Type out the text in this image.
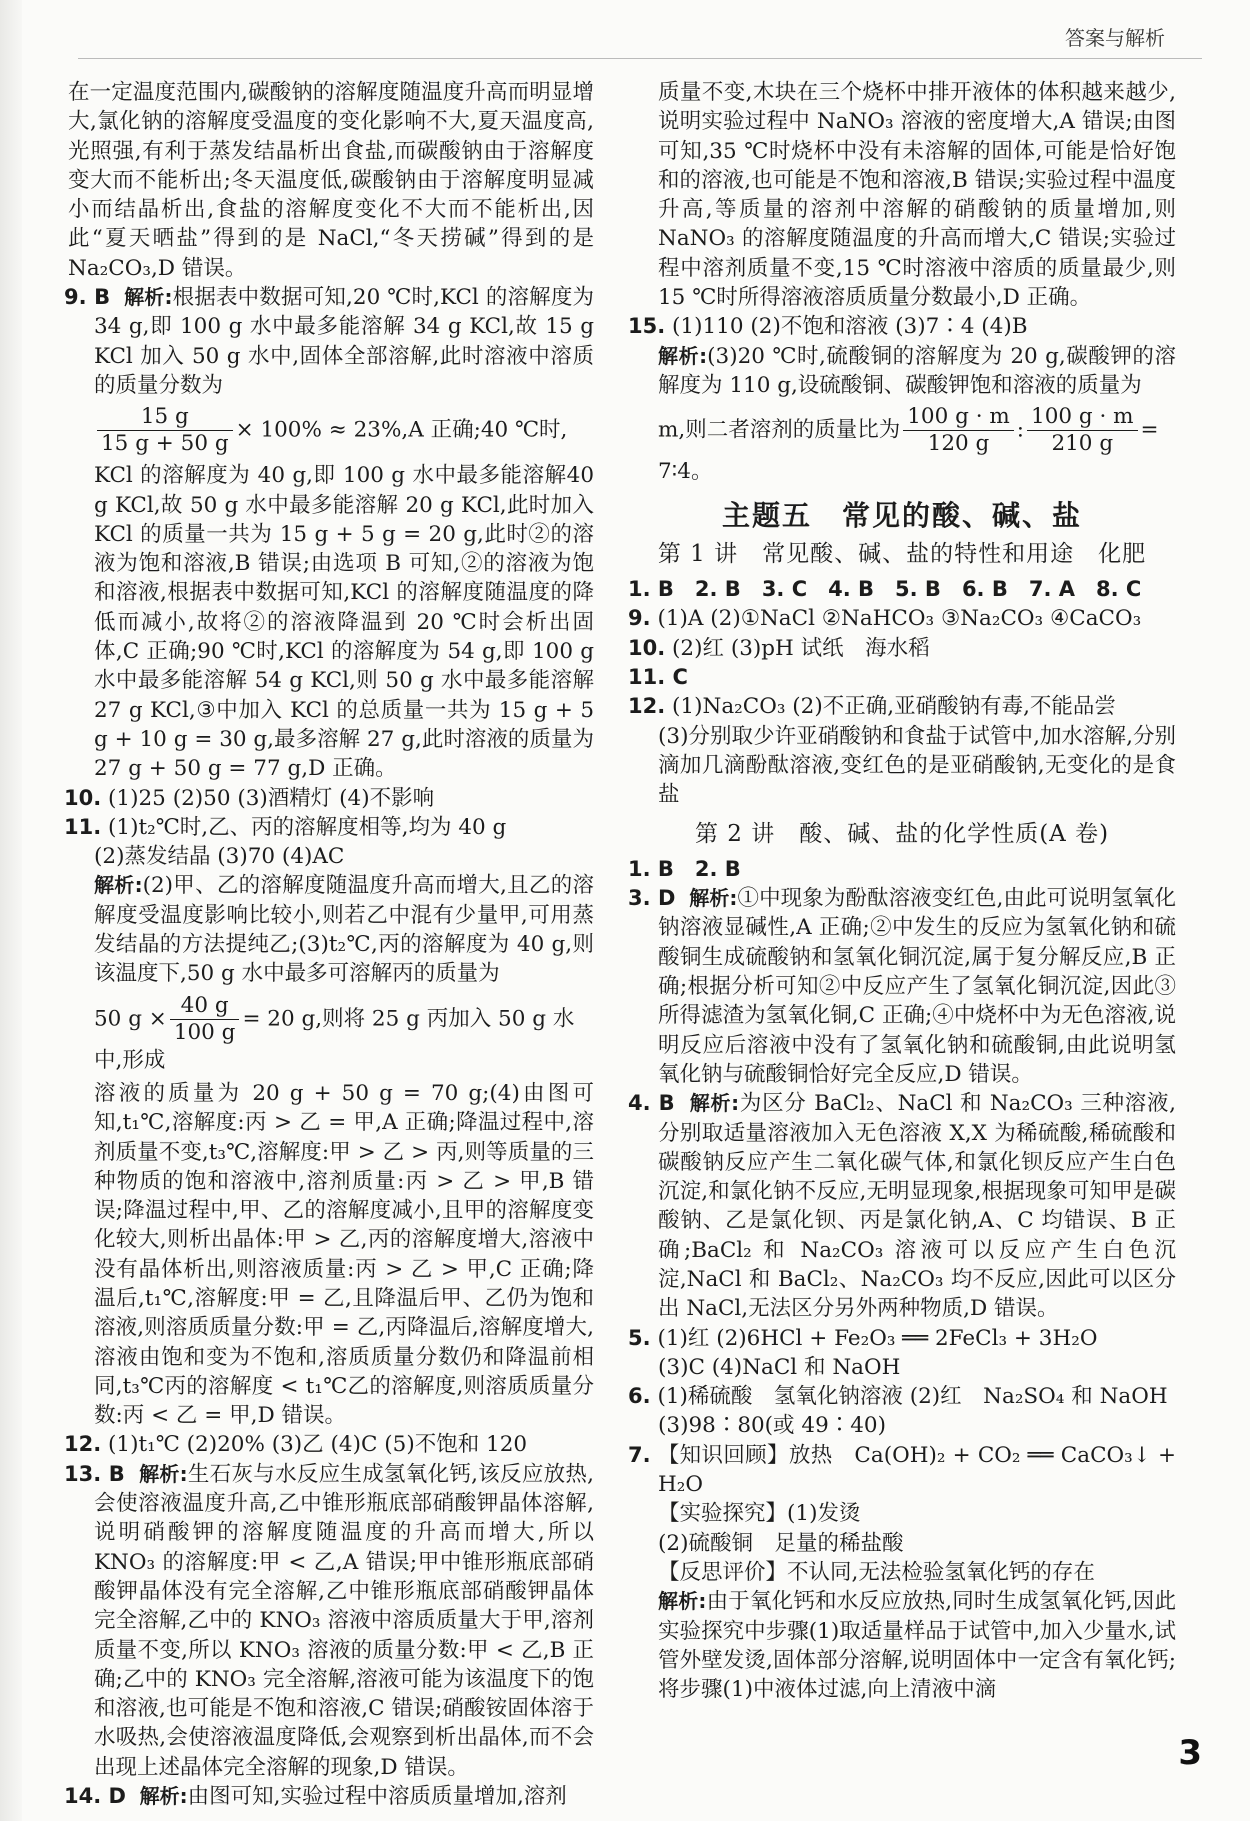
答案与解析

在一定温度范围内,碳酸钠的溶解度随温度升高而明显增大,氯化钠的溶解度受温度的变化影响不大,夏天温度高,光照强,有利于蒸发结晶析出食盐,而碳酸钠由于溶解度变大而不能析出;冬天温度低,碳酸钠由于溶解度明显减小而结晶析出,食盐的溶解度变化不大而不能析出,因此“夏天晒盐”得到的是 NaCl,“冬天捞碱”得到的是 Na₂CO₃,D 错误。

9. B 解析:根据表中数据可知,20 ℃时,KCl 的溶解度为 34 g,即 100 g 水中最多能溶解 34 g KCl,故 15 g KCl 加入 50 g 水中,固体全部溶解,此时溶液中溶质的质量分数为

$\frac{15 g}{15 g + 50 g} \times 100\% \approx 23\%,A$ 正确;40 ℃时,

KCl 的溶解度为 40 g,即 100 g 水中最多能溶解40 g KCl,故 50 g 水中最多能溶解 20 g KCl,此时加入 KCl 的质量一共为 15 g + 5 g = 20 g,此时②的溶液为饱和溶液,B 错误;由选项 B 可知,②的溶液为饱和溶液,根据表中数据可知,KCl 的溶解度随温度的降低而减小,故将②的溶液降温到 20 ℃时会析出固体,C 正确;90 ℃时,KCl 的溶解度为 54 g,即 100 g 水中最多能溶解 54 g KCl,则 50 g 水中最多能溶解 27 g KCl,③中加入 KCl 的总质量一共为 15 g + 5 g + 10 g = 30 g,最多溶解 27 g,此时溶液的质量为 27 g + 50 g = 77 g,D 正确。

10. (1)25 (2)50 (3)酒精灯 (4)不影响

11. (1)t₂℃时,乙、丙的溶解度相等,均为 40 g

(2)蒸发结晶 (3)70 (4)AC

解析:(2)甲、乙的溶解度随温度升高而增大,且乙的溶解度受温度影响比较小,则若乙中混有少量甲,可用蒸发结晶的方法提纯乙;(3)t₂℃,丙的溶解度为 40 g,则该温度下,50 g 水中最多可溶解丙的质量为

50 $g \times \frac{40 g}{100 g} = 20$ g,则将 25 g 丙加入 50 g 水中,形成

溶液的质量为 20 g + 50 g = 70 g;(4)由图可知,t₁℃,溶解度:丙 > 乙 = 甲,A 正确;降温过程中,溶剂质量不变,t₃℃,溶解度:甲 > 乙 > 丙,则等质量的三种物质的饱和溶液中,溶剂质量:丙 > 乙 > 甲,B 错误;降温过程中,甲、乙的溶解度减小,且甲的溶解度变化较大,则析出晶体:甲 > 乙,丙的溶解度增大,溶液中没有晶体析出,则溶液质量:丙 > 乙 > 甲,C 正确;降温后,t₁℃,溶解度:甲 = 乙,且降温后甲、乙仍为饱和溶液,则溶质质量分数:甲 = 乙,丙降温后,溶解度增大,溶液由饱和变为不饱和,溶质质量分数仍和降温前相同,t₃℃丙的溶解度 < t₁℃乙的溶解度,则溶质质量分数:丙 < 乙 = 甲,D 错误。

12. (1)t₁℃ (2)20% (3)乙 (4)C (5)不饱和 120

13. B 解析:生石灰与水反应生成氢氧化钙,该反应放热,会使溶液温度升高,乙中锥形瓶底部硝酸钾晶体溶解,说明硝酸钾的溶解度随温度的升高而增大,所以 KNO₃ 的溶解度:甲 < 乙,A 错误;甲中锥形瓶底部硝酸钾晶体没有完全溶解,乙中锥形瓶底部硝酸钾晶体完全溶解,乙中的 KNO₃ 溶液中溶质质量大于甲,溶剂质量不变,所以 KNO₃ 溶液的质量分数:甲 < 乙,B 正确;乙中的 KNO₃ 完全溶解,溶液可能为该温度下的饱和溶液,也可能是不饱和溶液,C 错误;硝酸铵固体溶于水吸热,会使溶液温度降低,会观察到析出晶体,而不会出现上述晶体完全溶解的现象,D 错误。

14. D 解析:由图可知,实验过程中溶质质量增加,溶剂

质量不变,木块在三个烧杯中排开液体的体积越来越少,说明实验过程中 NaNO₃ 溶液的密度增大,A 错误;由图可知,35 ℃时烧杯中没有未溶解的固体,可能是恰好饱和的溶液,也可能是不饱和溶液,B 错误;实验过程中温度升高,等质量的溶剂中溶解的硝酸钠的质量增加,则 NaNO₃ 的溶解度随温度的升高而增大,C 错误;实验过程中溶剂质量不变,15 ℃时溶液中溶质的质量最少,则 15 ℃时所得溶液溶质质量分数最小,D 正确。

15. (1)110 (2)不饱和溶液 (3)7∶4 (4)B

解析:(3)20 ℃时,硫酸铜的溶解度为 20 g,碳酸钾的溶解度为 110 g,设硫酸铜、碳酸钾饱和溶液的质量为

m,则二者溶剂的质量比为 $\frac{100 g \cdot m}{120 g}$ : $\frac{100 g \cdot m}{210 g}$ = 7∶4。
主题五　常见的酸、碱、盐
第 1 讲　常见酸、碱、盐的特性和用途　化肥

1. B　2. B　3. C　4. B　5. B　6. B　7. A　8. C

9. (1)A (2)①NaCl ②NaHCO₃ ③Na₂CO₃ ④CaCO₃

10. (2)红 (3)pH 试纸　海水稻

11. C

12. (1)Na₂CO₃ (2)不正确,亚硝酸钠有毒,不能品尝

(3)分别取少许亚硝酸钠和食盐于试管中,加水溶解,分别滴加几滴酚酞溶液,变红色的是亚硝酸钠,无变化的是食盐

第 2 讲　酸、碱、盐的化学性质(A 卷)

1. B　2. B

3. D 解析:①中现象为酚酞溶液变红色,由此可说明氢氧化钠溶液显碱性,A 正确;②中发生的反应为氢氧化钠和硫酸铜生成硫酸钠和氢氧化铜沉淀,属于复分解反应,B 正确;根据分析可知②中反应产生了氢氧化铜沉淀,因此③所得滤渣为氢氧化铜,C 正确;④中烧杯中为无色溶液,说明反应后溶液中没有了氢氧化钠和硫酸铜,由此说明氢氧化钠与硫酸铜恰好完全反应,D 错误。

4. B 解析:为区分 BaCl₂、NaCl 和 Na₂CO₃ 三种溶液,分别取适量溶液加入无色溶液 X,X 为稀硫酸,稀硫酸和碳酸钠反应产生二氧化碳气体,和氯化钡反应产生白色沉淀,和氯化钠不反应,无明显现象,根据现象可知甲是碳酸钠、乙是氯化钡、丙是氯化钠,A、C 均错误、B 正确;BaCl₂ 和 Na₂CO₃ 溶液可以反应产生白色沉淀,NaCl 和 BaCl₂、Na₂CO₃ 均不反应,因此可以区分出 NaCl,无法区分另外两种物质,D 错误。

5. (1)红 (2)6HCl + Fe₂O₃ ══ 2FeCl₃ + 3H₂O

(3)C (4)NaCl 和 NaOH

6. (1)稀硫酸　氢氧化钠溶液 (2)红　Na₂SO₄ 和 NaOH

(3)98∶80(或 49∶40)

7. 【知识回顾】放热　Ca(OH)₂ + CO₂ ══ CaCO₃↓ + H₂O

【实验探究】(1)发烫

(2)硫酸铜　足量的稀盐酸

【反思评价】不认同,无法检验氢氧化钙的存在

解析:由于氧化钙和水反应放热,同时生成氢氧化钙,因此实验探究中步骤(1)取适量样品于试管中,加入少量水,试管外壁发烫,固体部分溶解,说明固体中一定含有氧化钙;将步骤(1)中液体过滤,向上清液中滴

3
